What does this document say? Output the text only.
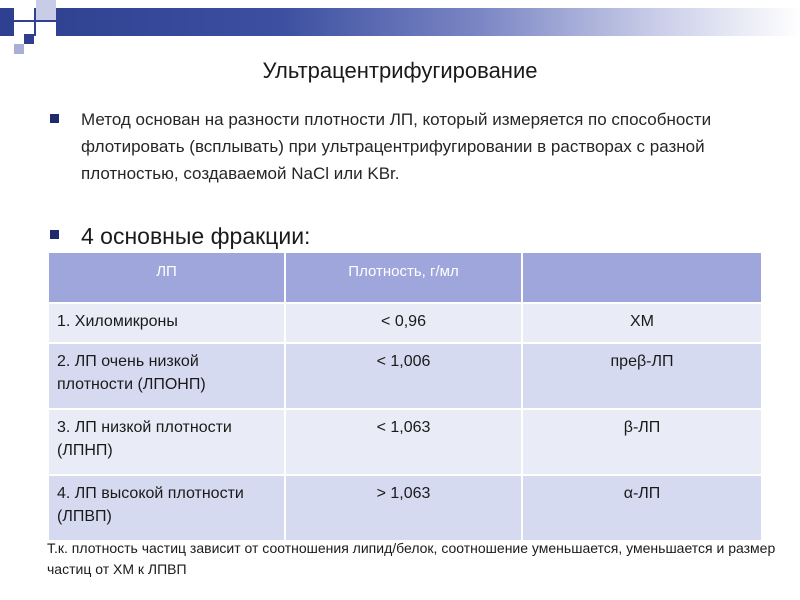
Ультрацентрифугирование
Метод основан на разности плотности ЛП, который измеряется по способности флотировать (всплывать) при ультрацентрифугировании в растворах с разной плотностью, создаваемой NaCl или KBr.
4 основные фракции:
ЛП	Плотность, г/мл	
1. Хиломикроны	< 0,96	ХМ
2. ЛП очень низкой плотности (ЛПОНП)	< 1,006	преβ-ЛП
3. ЛП низкой плотности (ЛПНП)	< 1,063	β-ЛП
4. ЛП высокой плотности (ЛПВП)	> 1,063	α-ЛП
Т.к. плотность частиц зависит от соотношения липид/белок, соотношение уменьшается, уменьшается и размер частиц от ХМ к ЛПВП
